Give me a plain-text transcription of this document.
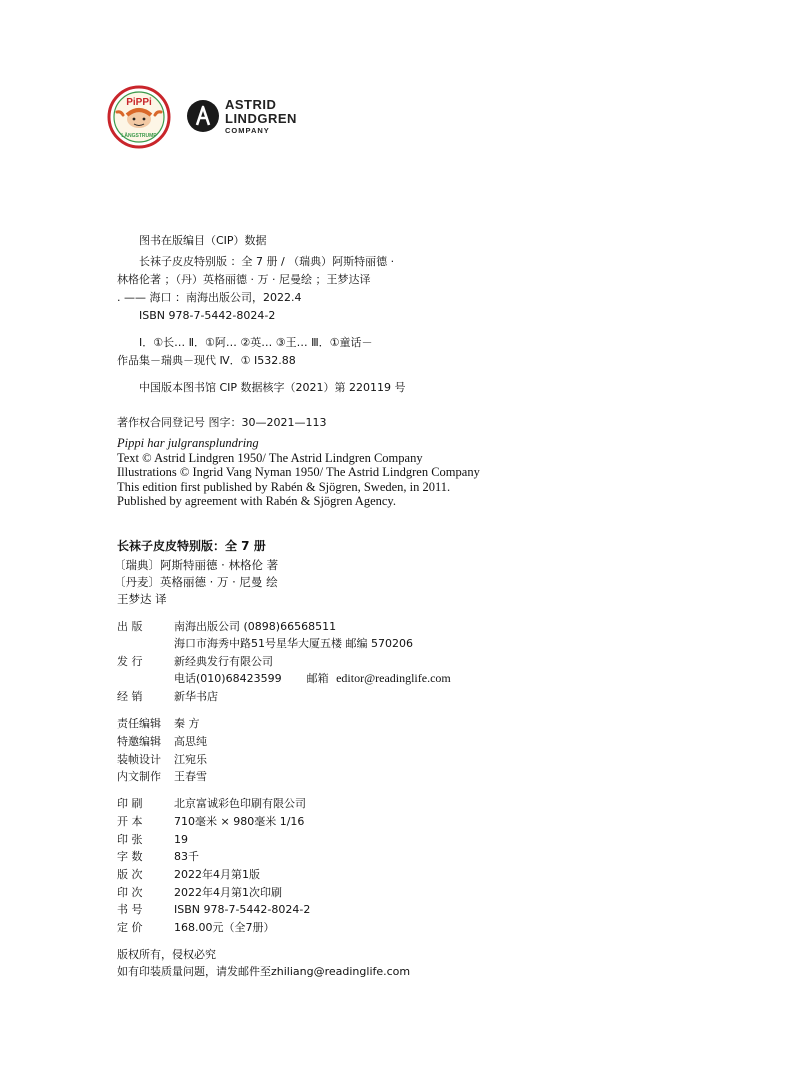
PiPPi
LÅNGSTRUMP
ASTRID
LINDGREN
COMPANY
图书在版编目（CIP）数据
长袜子皮皮特别版 ：全 7 册 / （瑞典）阿斯特丽德 ·
林格伦著 ；（丹）英格丽德 · 万 · 尼曼绘 ；王梦达译
. —— 海口 ：南海出版公司，2022.4
ISBN 978-7-5442-8024-2
Ⅰ．①长… Ⅱ．①阿… ②英… ③王… Ⅲ．①童话－
作品集－瑞典－现代 Ⅳ．① I532.88
中国版本图书馆 CIP 数据核字（2021）第 220119 号
著作权合同登记号 图字：30—2021—113
Pippi har julgransplundring
Text © Astrid Lindgren 1950/ The Astrid Lindgren Company
Illustrations © Ingrid Vang Nyman 1950/ The Astrid Lindgren Company
This edition first published by Rabén & Sjögren, Sweden, in 2011.
Published by agreement with Rabén & Sjögren Agency.
长袜子皮皮特别版：全 7 册
〔瑞典〕阿斯特丽德 · 林格伦 著
〔丹麦〕英格丽德 · 万 · 尼曼 绘
王梦达 译
出 版	南海出版公司 (0898)66568511
海口市海秀中路51号星华大厦五楼 邮编 570206
发 行	新经典发行有限公司
电话(010)68423599 邮箱 editor@readinglife.com
经 销	新华书店
责任编辑	秦 方
特邀编辑	高思纯
装帧设计	江宛乐
内文制作	王春雪
印 刷	北京富诚彩色印刷有限公司
开 本	710毫米 × 980毫米 1/16
印 张	19
字 数	83千
版 次	2022年4月第1版
印 次	2022年4月第1次印刷
书 号	ISBN 978-7-5442-8024-2
定 价	168.00元（全7册）
版权所有，侵权必究
如有印装质量问题，请发邮件至zhiliang@readinglife.com
